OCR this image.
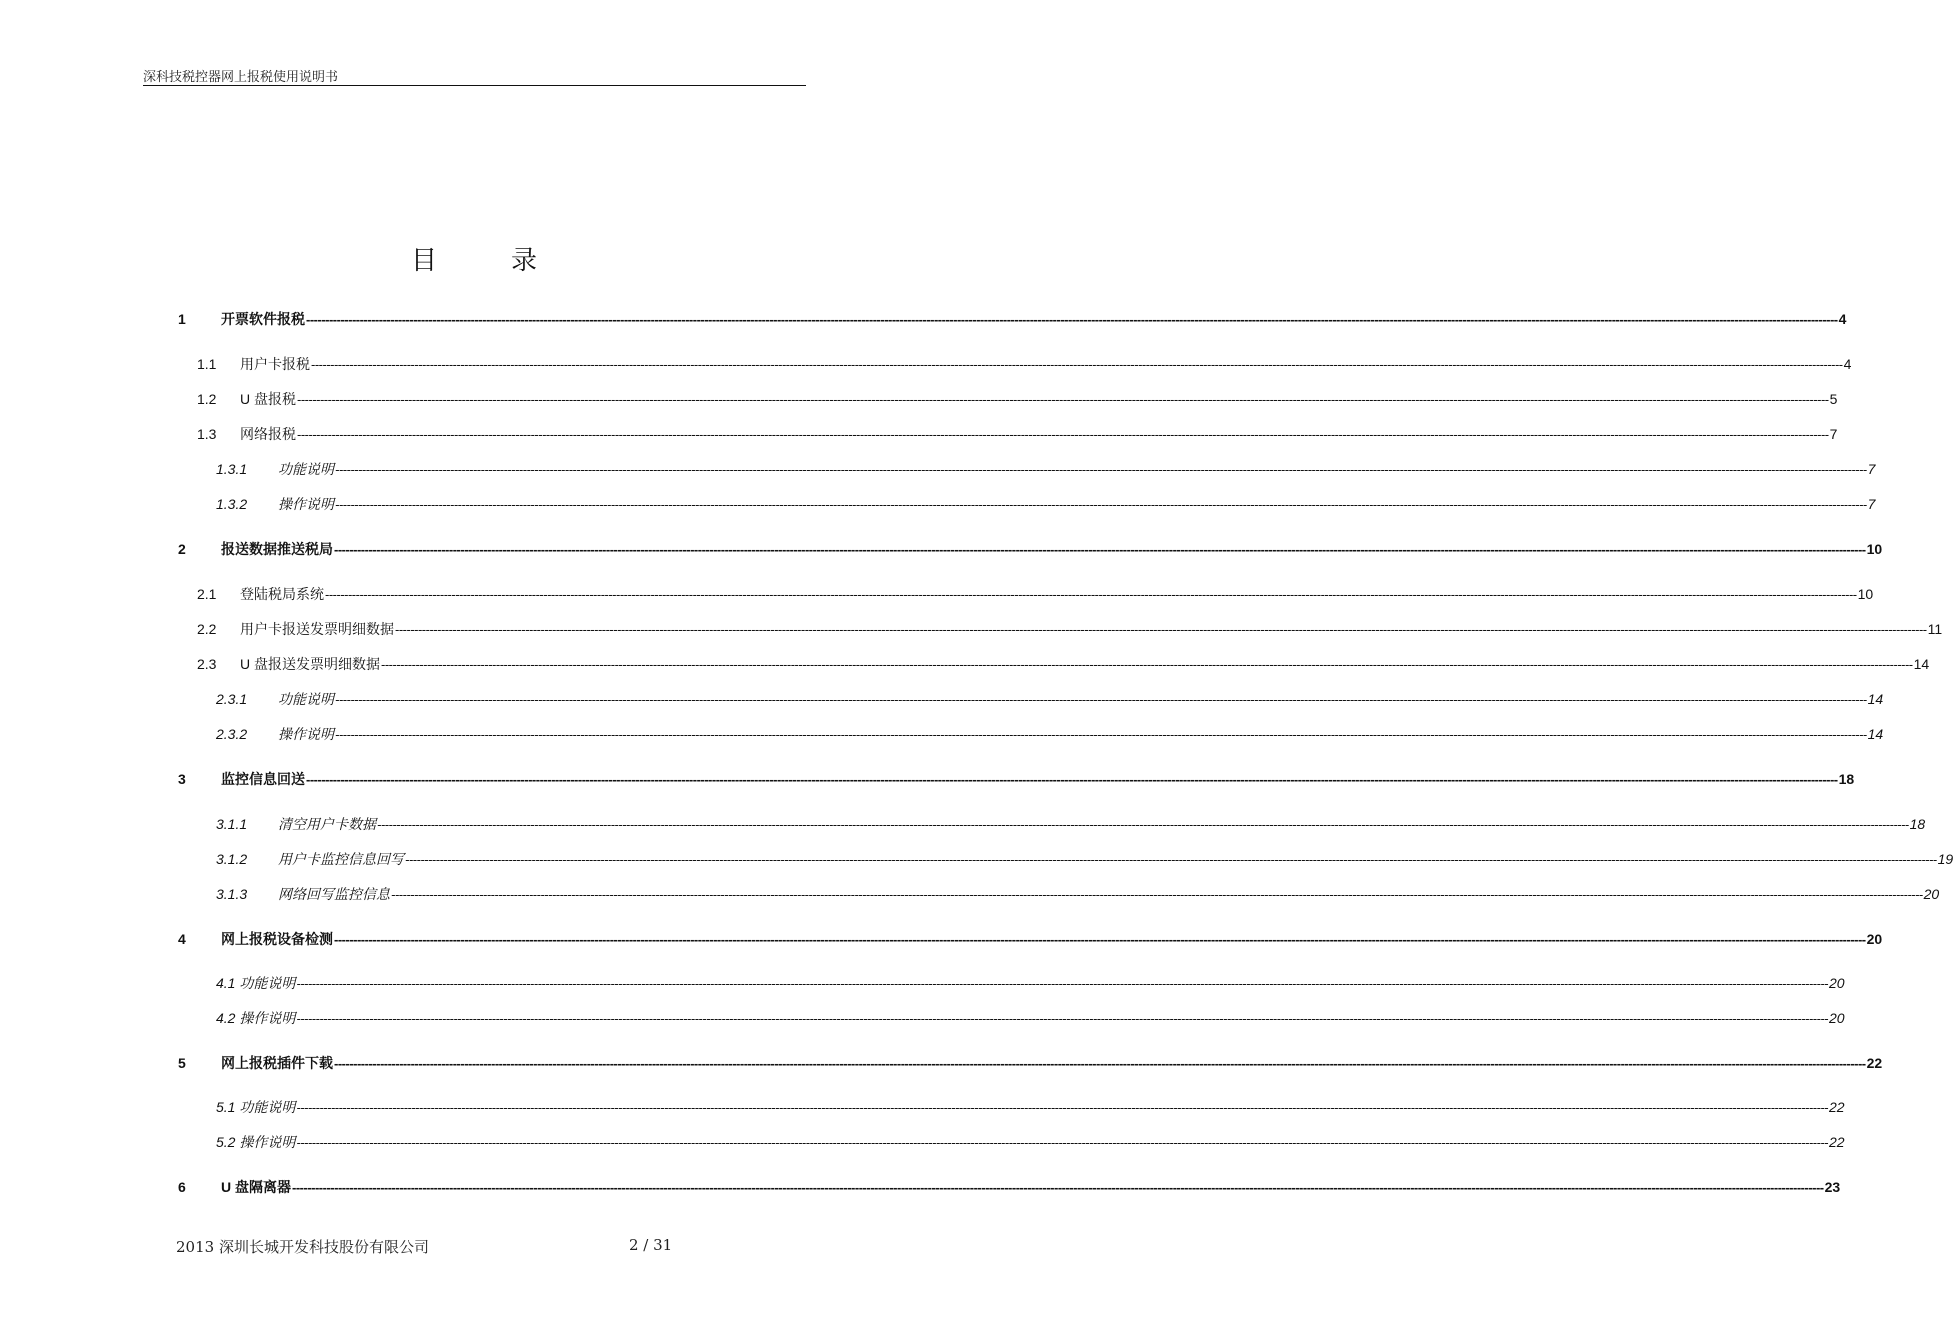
深科技税控器网上报税使用说明书
目	录
1	开票软件报税 ---------------------------------------------------------------------------------------------------------------------------------------------------------------------------------------------------------------------------------------------------------------------------------------------------------------------------------------------------------------------------------------------------------------- 4
1.1	用户卡报税 ---------------------------------------------------------------------------------------------------------------------------------------------------------------------------------------------------------------------------------------------------------------------------------------------------------------------------------------------------------------------------------------------------------------- 4
1.2	U 盘报税 ---------------------------------------------------------------------------------------------------------------------------------------------------------------------------------------------------------------------------------------------------------------------------------------------------------------------------------------------------------------------------------------------------------------- 5
1.3	网络报税 ---------------------------------------------------------------------------------------------------------------------------------------------------------------------------------------------------------------------------------------------------------------------------------------------------------------------------------------------------------------------------------------------------------------- 7
1.3.1	功能说明 ---------------------------------------------------------------------------------------------------------------------------------------------------------------------------------------------------------------------------------------------------------------------------------------------------------------------------------------------------------------------------------------------------------------- 7
1.3.2	操作说明 ---------------------------------------------------------------------------------------------------------------------------------------------------------------------------------------------------------------------------------------------------------------------------------------------------------------------------------------------------------------------------------------------------------------- 7
2	报送数据推送税局 ---------------------------------------------------------------------------------------------------------------------------------------------------------------------------------------------------------------------------------------------------------------------------------------------------------------------------------------------------------------------------------------------------------------- 10
2.1	登陆税局系统 ---------------------------------------------------------------------------------------------------------------------------------------------------------------------------------------------------------------------------------------------------------------------------------------------------------------------------------------------------------------------------------------------------------------- 10
2.2	用户卡报送发票明细数据 ---------------------------------------------------------------------------------------------------------------------------------------------------------------------------------------------------------------------------------------------------------------------------------------------------------------------------------------------------------------------------------------------------------------- 11
2.3	U 盘报送发票明细数据 ---------------------------------------------------------------------------------------------------------------------------------------------------------------------------------------------------------------------------------------------------------------------------------------------------------------------------------------------------------------------------------------------------------------- 14
2.3.1	功能说明 ---------------------------------------------------------------------------------------------------------------------------------------------------------------------------------------------------------------------------------------------------------------------------------------------------------------------------------------------------------------------------------------------------------------- 14
2.3.2	操作说明 ---------------------------------------------------------------------------------------------------------------------------------------------------------------------------------------------------------------------------------------------------------------------------------------------------------------------------------------------------------------------------------------------------------------- 14
3	监控信息回送 ---------------------------------------------------------------------------------------------------------------------------------------------------------------------------------------------------------------------------------------------------------------------------------------------------------------------------------------------------------------------------------------------------------------- 18
3.1.1	清空用户卡数据 ---------------------------------------------------------------------------------------------------------------------------------------------------------------------------------------------------------------------------------------------------------------------------------------------------------------------------------------------------------------------------------------------------------------- 18
3.1.2	用户卡监控信息回写 ---------------------------------------------------------------------------------------------------------------------------------------------------------------------------------------------------------------------------------------------------------------------------------------------------------------------------------------------------------------------------------------------------------------- 19
3.1.3	网络回写监控信息 ---------------------------------------------------------------------------------------------------------------------------------------------------------------------------------------------------------------------------------------------------------------------------------------------------------------------------------------------------------------------------------------------------------------- 20
4	网上报税设备检测 ---------------------------------------------------------------------------------------------------------------------------------------------------------------------------------------------------------------------------------------------------------------------------------------------------------------------------------------------------------------------------------------------------------------- 20
4.1 功能说明 ---------------------------------------------------------------------------------------------------------------------------------------------------------------------------------------------------------------------------------------------------------------------------------------------------------------------------------------------------------------------------------------------------------------- 20
4.2 操作说明 ---------------------------------------------------------------------------------------------------------------------------------------------------------------------------------------------------------------------------------------------------------------------------------------------------------------------------------------------------------------------------------------------------------------- 20
5	网上报税插件下载 ---------------------------------------------------------------------------------------------------------------------------------------------------------------------------------------------------------------------------------------------------------------------------------------------------------------------------------------------------------------------------------------------------------------- 22
5.1 功能说明 ---------------------------------------------------------------------------------------------------------------------------------------------------------------------------------------------------------------------------------------------------------------------------------------------------------------------------------------------------------------------------------------------------------------- 22
5.2 操作说明 ---------------------------------------------------------------------------------------------------------------------------------------------------------------------------------------------------------------------------------------------------------------------------------------------------------------------------------------------------------------------------------------------------------------- 22
6	U 盘隔离器 ---------------------------------------------------------------------------------------------------------------------------------------------------------------------------------------------------------------------------------------------------------------------------------------------------------------------------------------------------------------------------------------------------------------- 23
2013 深圳长城开发科技股份有限公司	2 / 31
